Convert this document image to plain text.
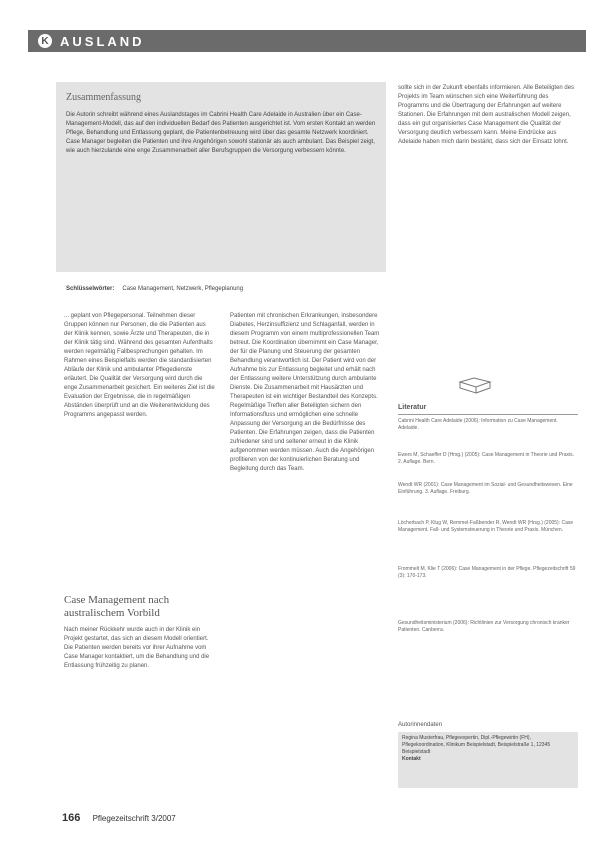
K AUSLAND
Zusammenfassung
Die Autorin schreibt während eines Auslandstages im Cabrini Health Care Adelaide in Australien über ein Case-Management-Modell, das auf den individuellen Bedarf des Patienten ausgerichtet ist. Vom ersten Kontakt an werden Pflege, Behandlung und Entlassung geplant, die Patientenbetreuung wird über das gesamte Netzwerk koordiniert. Case Manager begleiten die Patienten und ihre Angehörigen sowohl stationär als auch ambulant. Das Beispiel zeigt, wie auch hierzulande eine enge Zusammenarbeit aller Berufsgruppen die Versorgung verbessern könnte.
Schlüsselwörter: Case Management, Netzwerk, Pflegeplanung
... geplant von Pflegepersonal. Teilnehmen dieser Gruppen können nur Personen, die die Patienten aus der Klinik kennen, sowie Ärzte und Therapeuten, die in der Klinik tätig sind. Während des gesamten Aufenthalts werden regelmäßig Fallbesprechungen gehalten. Im Rahmen eines Beispielfalls werden die standardisierten Abläufe der Klinik und ambulanter Pflegedienste erläutert. Die Qualität der Versorgung wird durch die enge Zusammenarbeit gesichert. Ein weiteres Ziel ist die Evaluation der Ergebnisse, die in regelmäßigen Abständen überprüft und an die Weiterentwicklung des Programms angepasst werden.
Case Management nach australischem Vorbild
Nach meiner Rückkehr wurde auch in der Klinik ein Projekt gestartet, das sich an diesem Modell orientiert. Die Patienten werden bereits vor ihrer Aufnahme vom Case Manager kontaktiert, um die Behandlung und die Entlassung frühzeitig zu planen.
Patienten mit chronischen Erkrankungen, insbesondere Diabetes, Herzinsuffizienz und Schlaganfall, werden in diesem Programm von einem multiprofessionellen Team betreut. Die Koordination übernimmt ein Case Manager, der für die Planung und Steuerung der gesamten Behandlung verantwortlich ist. Der Patient wird von der Aufnahme bis zur Entlassung begleitet und erhält nach der Entlassung weitere Unterstützung durch ambulante Dienste. Die Zusammenarbeit mit Hausärzten und Therapeuten ist ein wichtiger Bestandteil des Konzepts. Regelmäßige Treffen aller Beteiligten sichern den Informationsfluss und ermöglichen eine schnelle Anpassung der Versorgung an die Bedürfnisse des Patienten. Die Erfahrungen zeigen, dass die Patienten zufriedener sind und seltener erneut in die Klinik aufgenommen werden müssen. Auch die Angehörigen profitieren von der kontinuierlichen Beratung und Begleitung durch das Team.
sollte sich in der Zukunft ebenfalls informieren. Alle Beteiligten des Projekts im Team wünschen sich eine Weiterführung des Programms und die Übertragung der Erfahrungen auf weitere Stationen. Die Erfahrungen mit dem australischen Modell zeigen, dass ein gut organisiertes Case Management die Qualität der Versorgung deutlich verbessern kann. Meine Eindrücke aus Adelaide haben mich darin bestärkt, dass sich der Einsatz lohnt.
Literatur
Cabrini Health Care Adelaide (2006): Information zu Case Management. Adelaide.
Ewers M, Schaeffer D (Hrsg.) (2005): Case Management in Theorie und Praxis. 2. Auflage. Bern.
Wendt WR (2001): Case Management im Sozial- und Gesundheitswesen. Eine Einführung. 3. Auflage. Freiburg.
Löcherbach P, Klug W, Remmel-Faßbender R, Wendt WR (Hrsg.) (2005): Case Management. Fall- und Systemsteuerung in Theorie und Praxis. München.
Frommelt M, Klie T (2006): Case Management in der Pflege. Pflegezeitschrift 59 (3): 170-173.
Gesundheitsministerium (2006): Richtlinien zur Versorgung chronisch kranker Patienten. Canberra.
Autorinnendaten
Regina Musterfrau, Pflegeexpertin, Dipl.-Pflegewirtin (FH), Pflegekoordination, Klinikum Beispielstadt, Beispielstraße 1, 12345 Beispielstadt
Kontakt
166 Pflegezeitschrift 3/2007
